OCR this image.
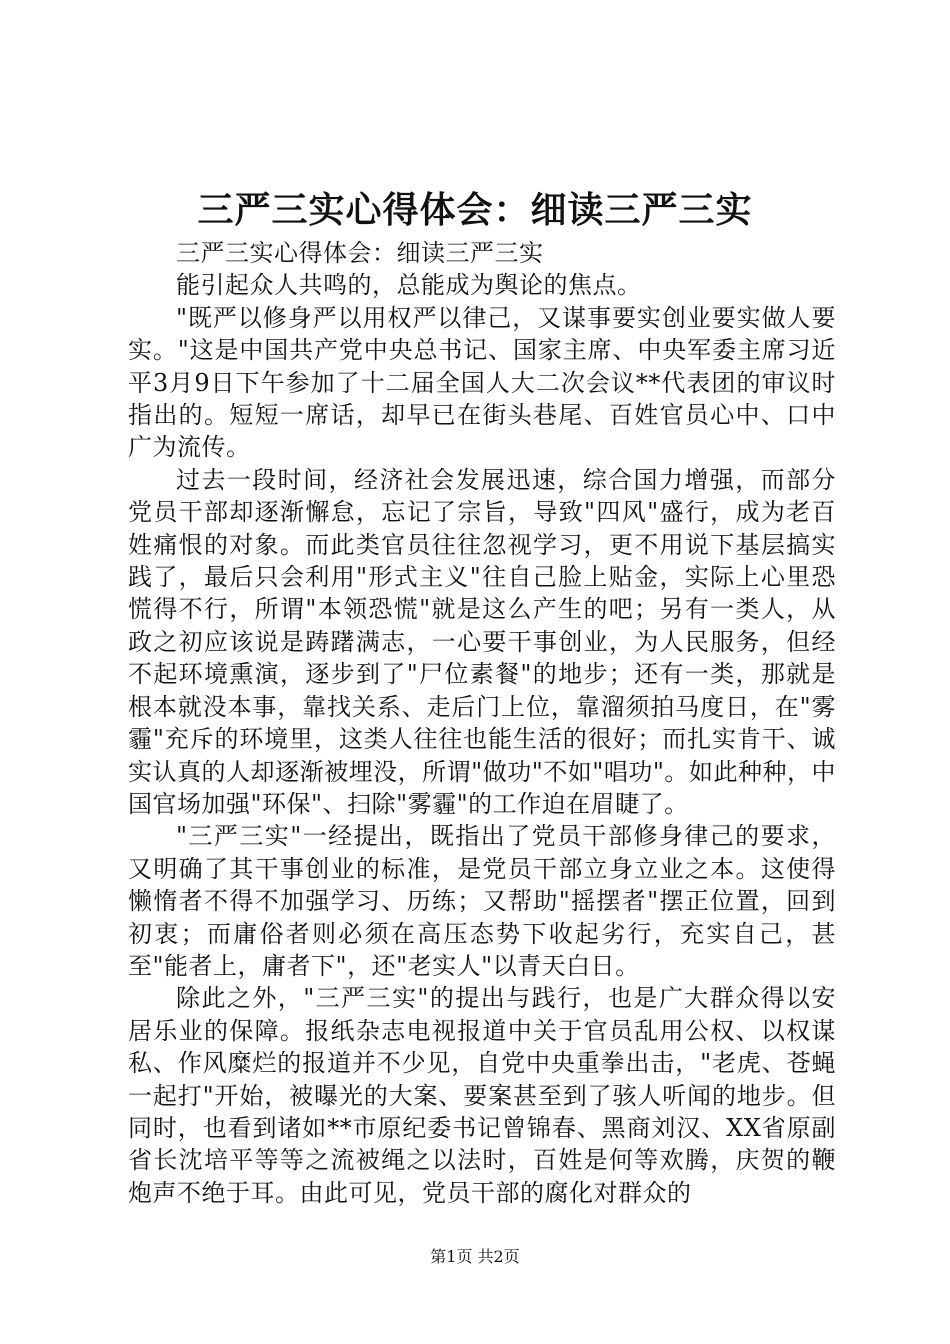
三严三实心得体会：细读三严三实

三严三实心得体会：细读三严三实

能引起众人共鸣的，总能成为舆论的焦点。

"既严以修身严以用权严以律己，又谋事要实创业要实做人要实。"这是中国共产党中央总书记、国家主席、中央军委主席习近平3月9日下午参加了十二届全国人大二次会议**代表团的审议时指出的。短短一席话，却早已在街头巷尾、百姓官员心中、口中广为流传。

过去一段时间，经济社会发展迅速，综合国力增强，而部分党员干部却逐渐懈怠，忘记了宗旨，导致"四风"盛行，成为老百姓痛恨的对象。而此类官员往往忽视学习，更不用说下基层搞实践了，最后只会利用"形式主义"往自己脸上贴金，实际上心里恐慌得不行，所谓"本领恐慌"就是这么产生的吧；另有一类人，从政之初应该说是踌躇满志，一心要干事创业，为人民服务，但经不起环境熏演，逐步到了"尸位素餐"的地步；还有一类，那就是根本就没本事，靠找关系、走后门上位，靠溜须拍马度日，在"雾霾"充斥的环境里，这类人往往也能生活的很好；而扎实肯干、诚实认真的人却逐渐被埋没，所谓"做功"不如"唱功"。如此种种，中国官场加强"环保"、扫除"雾霾"的工作迫在眉睫了。

"三严三实"一经提出，既指出了党员干部修身律己的要求，又明确了其干事创业的标准，是党员干部立身立业之本。这使得懒惰者不得不加强学习、历练；又帮助"摇摆者"摆正位置，回到初衷；而庸俗者则必须在高压态势下收起劣行，充实自己，甚至"能者上，庸者下"，还"老实人"以青天白日。

除此之外，"三严三实"的提出与践行，也是广大群众得以安居乐业的保障。报纸杂志电视报道中关于官员乱用公权、以权谋私、作风糜烂的报道并不少见，自党中央重拳出击，"老虎、苍蝇一起打"开始，被曝光的大案、要案甚至到了骇人听闻的地步。但同时，也看到诸如**市原纪委书记曾锦春、黑商刘汉、XX省原副省长沈培平等等之流被绳之以法时，百姓是何等欢腾，庆贺的鞭炮声不绝于耳。由此可见，党员干部的腐化对群众的

第1页 共2页
